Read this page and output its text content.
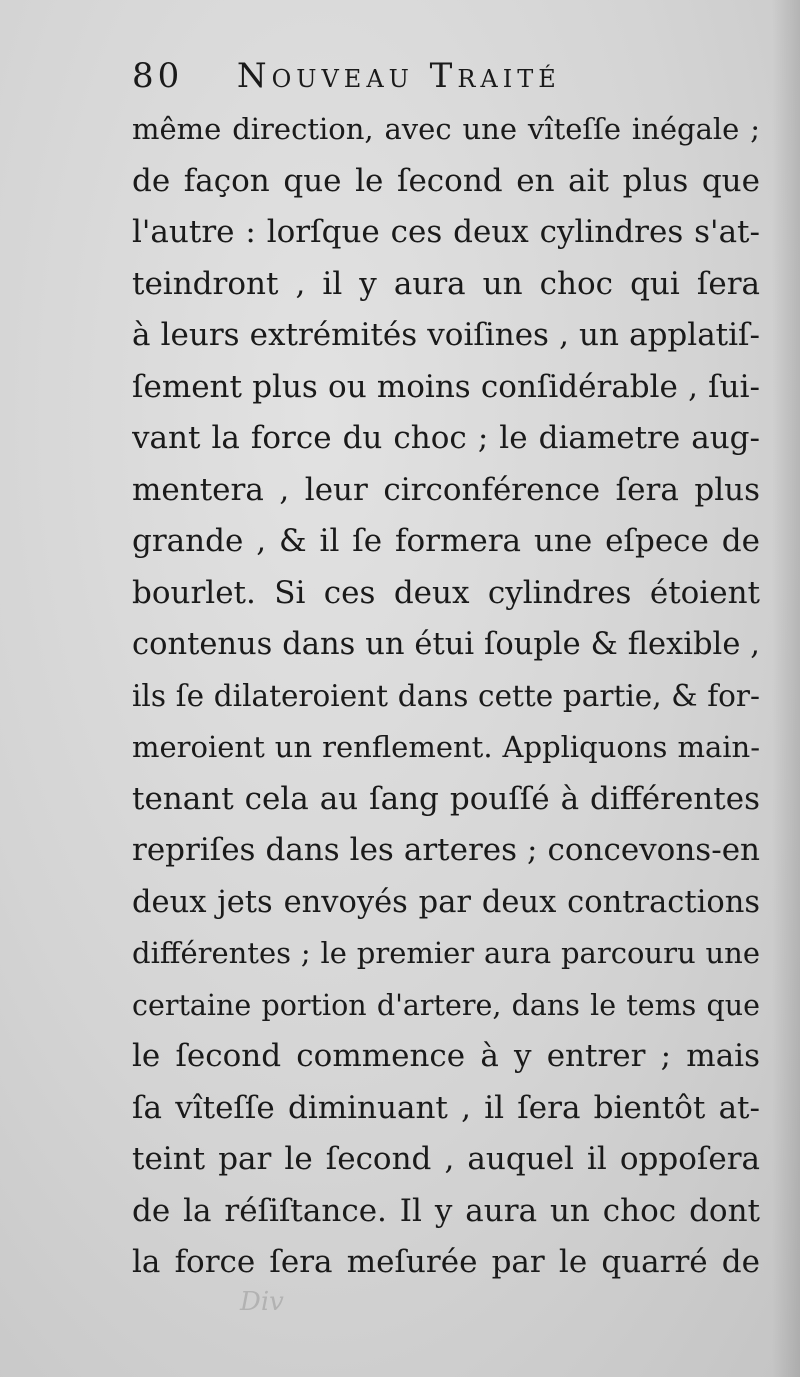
80 Nouveau Traité
même direction, avec une vîteſſe inégale ;
de façon que le ſecond en ait plus que
l'autre : lorſque ces deux cylindres s'at-
teindront , il y aura un choc qui ſera
à leurs extrémités voiſines , un applatiſ-
ſement plus ou moins conſidérable , ſui-
vant la force du choc ; le diametre aug-
mentera , leur circonférence ſera plus
grande , & il ſe formera une eſpece de
bourlet. Si ces deux cylindres étoient
contenus dans un étui ſouple & flexible ,
ils ſe dilateroient dans cette partie, & for-
meroient un renflement. Appliquons main-
tenant cela au ſang pouſſé à différentes
repriſes dans les arteres ; concevons-en
deux jets envoyés par deux contractions
différentes ; le premier aura parcouru une
certaine portion d'artere, dans le tems que
le ſecond commence à y entrer ; mais
ſa vîteſſe diminuant , il ſera bientôt at-
teint par le ſecond , auquel il oppoſera
de la réſiſtance. Il y aura un choc dont
la force ſera meſurée par le quarré de
Div
